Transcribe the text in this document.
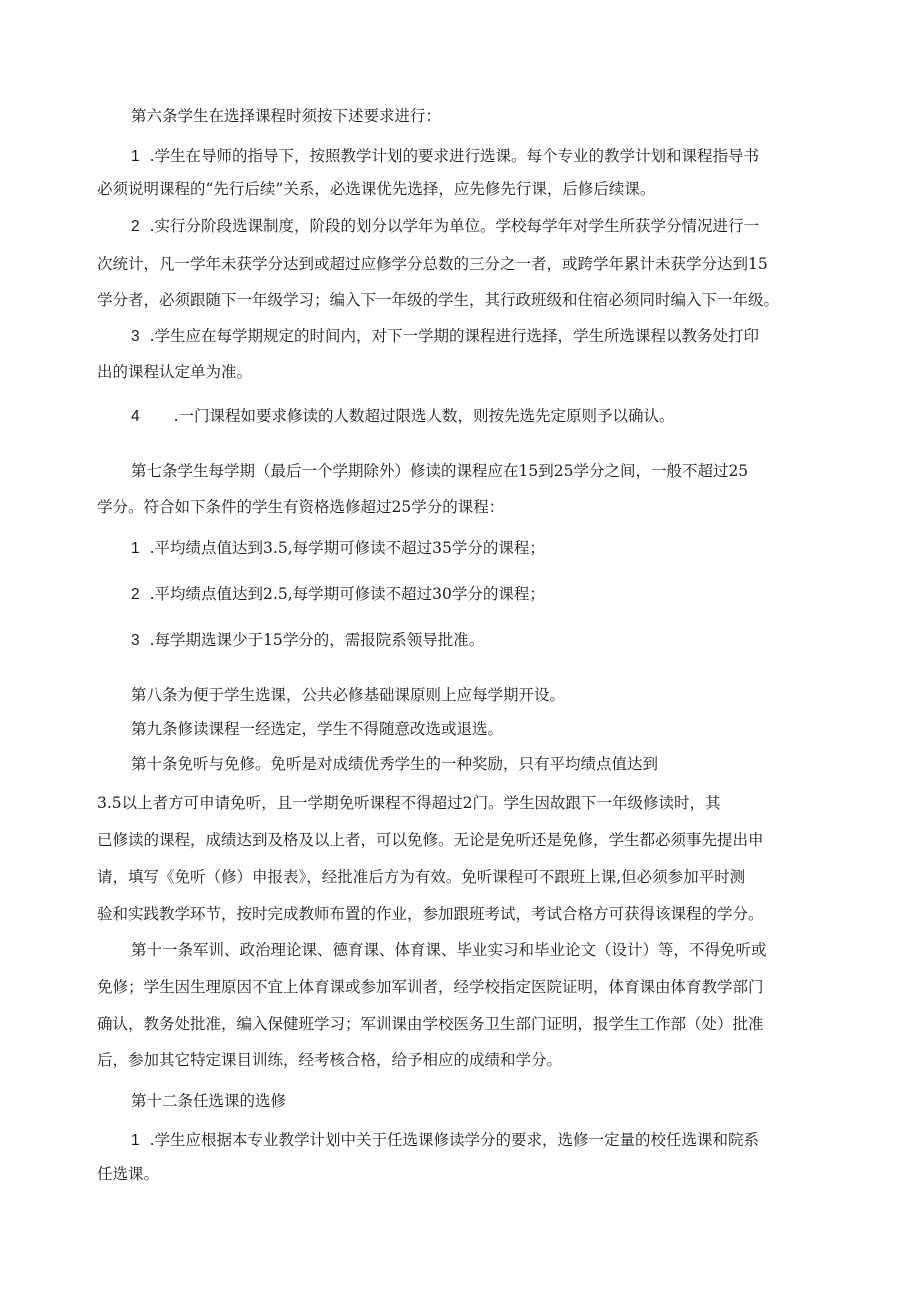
第六条学生在选择课程时须按下述要求进行：
1 .学生在导师的指导下，按照教学计划的要求进行选课。每个专业的教学计划和课程指导书
必须说明课程的“先行后续”关系，必选课优先选择，应先修先行课，后修后续课。
2 .实行分阶段选课制度，阶段的划分以学年为单位。学校每学年对学生所获学分情况进行一
次统计，凡一学年未获学分达到或超过应修学分总数的三分之一者，或跨学年累计未获学分达到15
学分者，必须跟随下一年级学习；编入下一年级的学生，其行政班级和住宿必须同时编入下一年级。
3 .学生应在每学期规定的时间内，对下一学期的课程进行选择，学生所选课程以教务处打印
出的课程认定单为准。
4 .一门课程如要求修读的人数超过限选人数，则按先选先定原则予以确认。
第七条学生每学期（最后一个学期除外）修读的课程应在15到25学分之间，一般不超过25
学分。符合如下条件的学生有资格选修超过25学分的课程：
1 .平均绩点值达到3.5,每学期可修读不超过35学分的课程；
2 .平均绩点值达到2.5,每学期可修读不超过30学分的课程；
3 .每学期选课少于15学分的，需报院系领导批准。
第八条为便于学生选课，公共必修基础课原则上应每学期开设。
第九条修读课程一经选定，学生不得随意改选或退选。
第十条免听与免修。免听是对成绩优秀学生的一种奖励，只有平均绩点值达到
3.5以上者方可申请免听，且一学期免听课程不得超过2门。学生因故跟下一年级修读时，其
已修读的课程，成绩达到及格及以上者，可以免修。无论是免听还是免修，学生都必须事先提出申
请，填写《免听（修）申报表》，经批准后方为有效。免听课程可不跟班上课,但必须参加平时测
验和实践教学环节，按时完成教师布置的作业，参加跟班考试，考试合格方可获得该课程的学分。
第十一条军训、政治理论课、德育课、体育课、毕业实习和毕业论文（设计）等，不得免听或
免修；学生因生理原因不宜上体育课或参加军训者，经学校指定医院证明，体育课由体育教学部门
确认，教务处批准，编入保健班学习；军训课由学校医务卫生部门证明，报学生工作部（处）批准
后，参加其它特定课目训练，经考核合格，给予相应的成绩和学分。
第十二条任选课的选修
1 .学生应根据本专业教学计划中关于任选课修读学分的要求，选修一定量的校任选课和院系
任选课。
